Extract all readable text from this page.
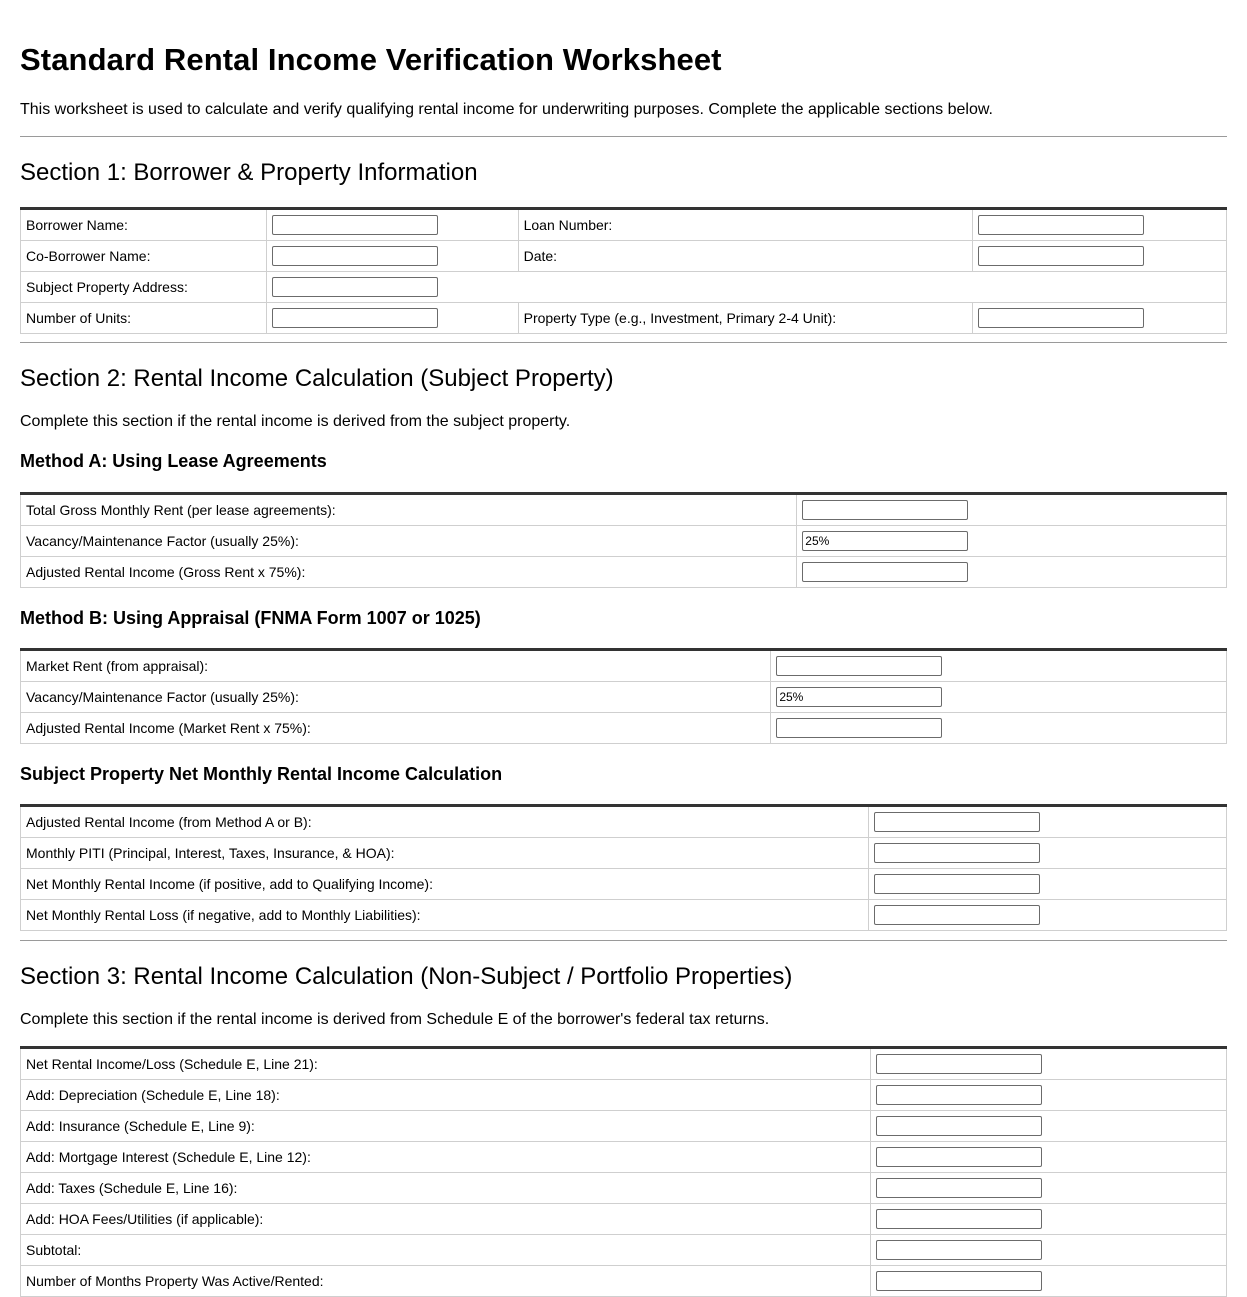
Standard Rental Income Verification Worksheet

This worksheet is used to calculate and verify qualifying rental income for underwriting purposes. Complete the applicable sections below.

Section 1: Borrower & Property Information
Borrower Name:		Loan Number:	

Co-Borrower Name:		Date:	

Subject Property Address:	

Number of Units:		Property Type (e.g., Investment, Primary 2-4 Unit):	
Section 2: Rental Income Calculation (Subject Property)

Complete this section if the rental income is derived from the subject property.

Method A: Using Lease Agreements
Total Gross Monthly Rent (per lease agreements):	

Vacancy/Maintenance Factor (usually 25%):	
25%
Adjusted Rental Income (Gross Rent x 75%):	
Method B: Using Appraisal (FNMA Form 1007 or 1025)
Market Rent (from appraisal):	

Vacancy/Maintenance Factor (usually 25%):	
25%
Adjusted Rental Income (Market Rent x 75%):	
Subject Property Net Monthly Rental Income Calculation
Adjusted Rental Income (from Method A or B):	

Monthly PITI (Principal, Interest, Taxes, Insurance, & HOA):	

Net Monthly Rental Income (if positive, add to Qualifying Income):	

Net Monthly Rental Loss (if negative, add to Monthly Liabilities):	
Section 3: Rental Income Calculation (Non-Subject / Portfolio Properties)

Complete this section if the rental income is derived from Schedule E of the borrower's federal tax returns.

Net Rental Income/Loss (Schedule E, Line 21):	

Add: Depreciation (Schedule E, Line 18):	

Add: Insurance (Schedule E, Line 9):	

Add: Mortgage Interest (Schedule E, Line 12):	

Add: Taxes (Schedule E, Line 16):	

Add: HOA Fees/Utilities (if applicable):	

Subtotal:	

Number of Months Property Was Active/Rented:	
